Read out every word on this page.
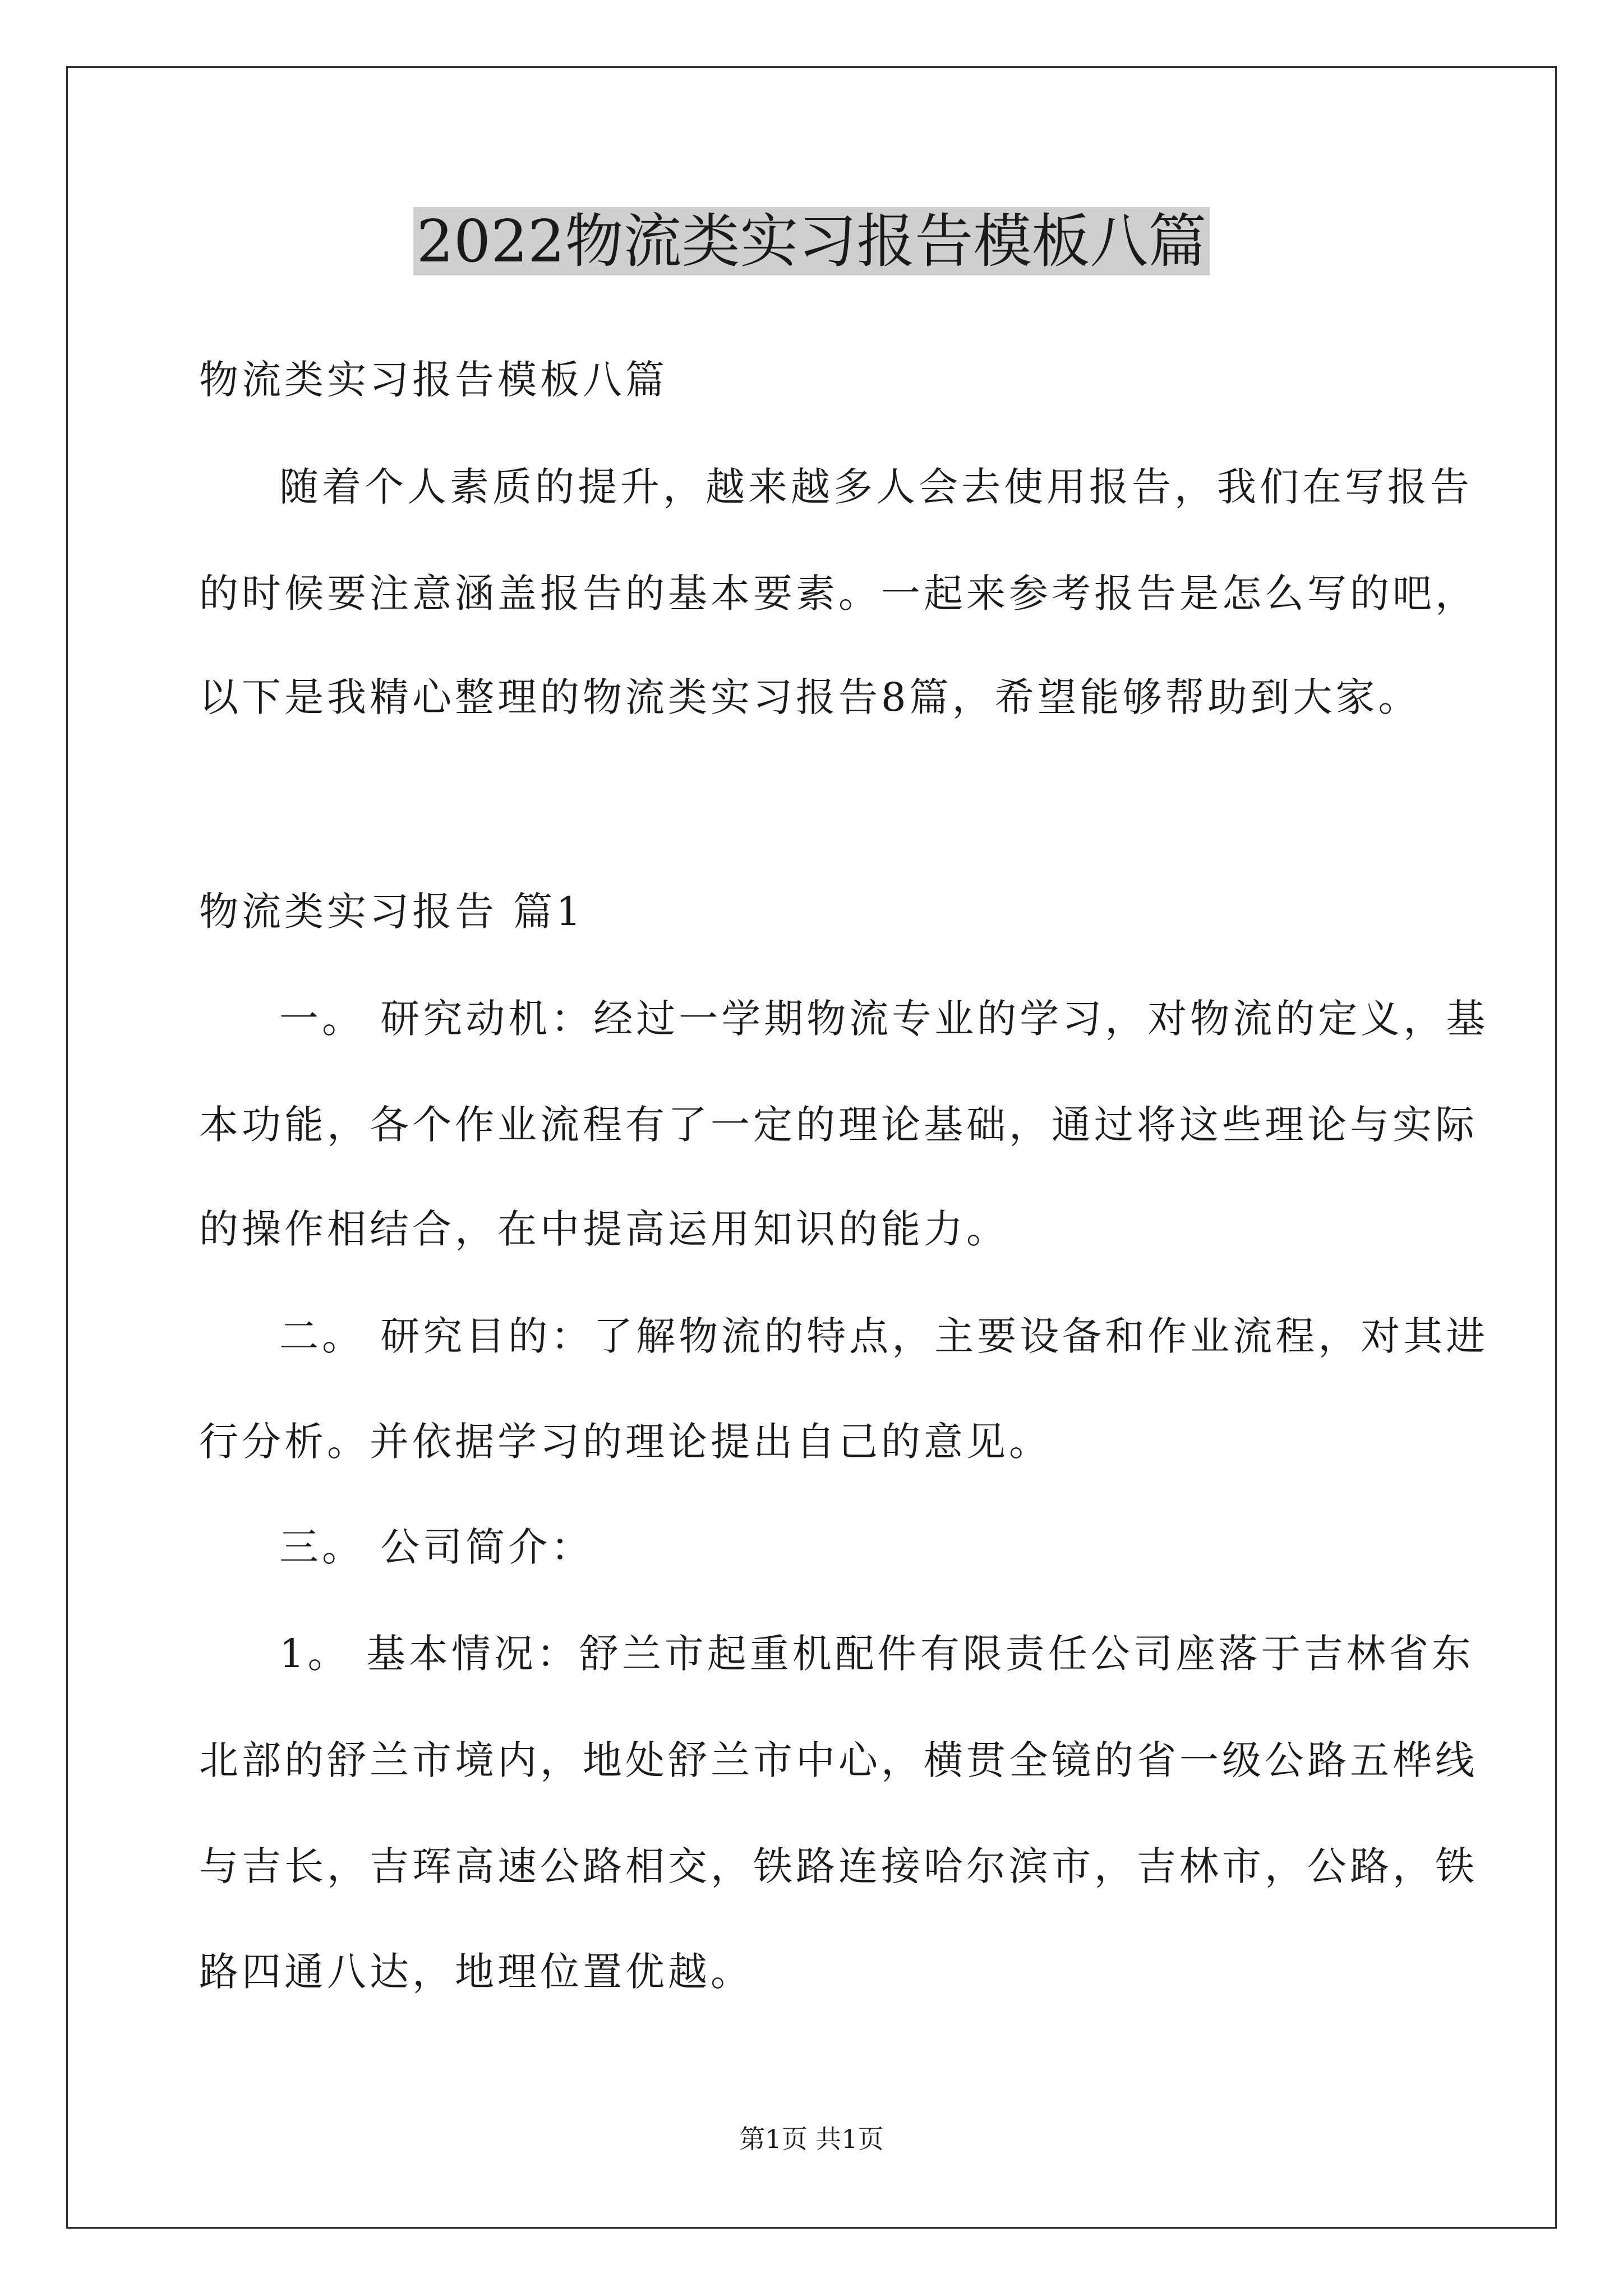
2022物流类实习报告模板八篇
物流类实习报告模板八篇
随着个人素质的提升，越来越多人会去使用报告，我们在写报告
的时候要注意涵盖报告的基本要素。一起来参考报告是怎么写的吧，
以下是我精心整理的物流类实习报告8篇，希望能够帮助到大家。
物流类实习报告 篇1
一。 研究动机：经过一学期物流专业的学习，对物流的定义，基
本功能，各个作业流程有了一定的理论基础，通过将这些理论与实际
的操作相结合，在中提高运用知识的能力。
二。 研究目的：了解物流的特点，主要设备和作业流程，对其进
行分析。并依据学习的理论提出自己的意见。
三。 公司简介：
1。 基本情况：舒兰市起重机配件有限责任公司座落于吉林省东
北部的舒兰市境内，地处舒兰市中心，横贯全镜的省一级公路五桦线
与吉长，吉珲高速公路相交，铁路连接哈尔滨市，吉林市，公路，铁
路四通八达，地理位置优越。
第1页 共1页
